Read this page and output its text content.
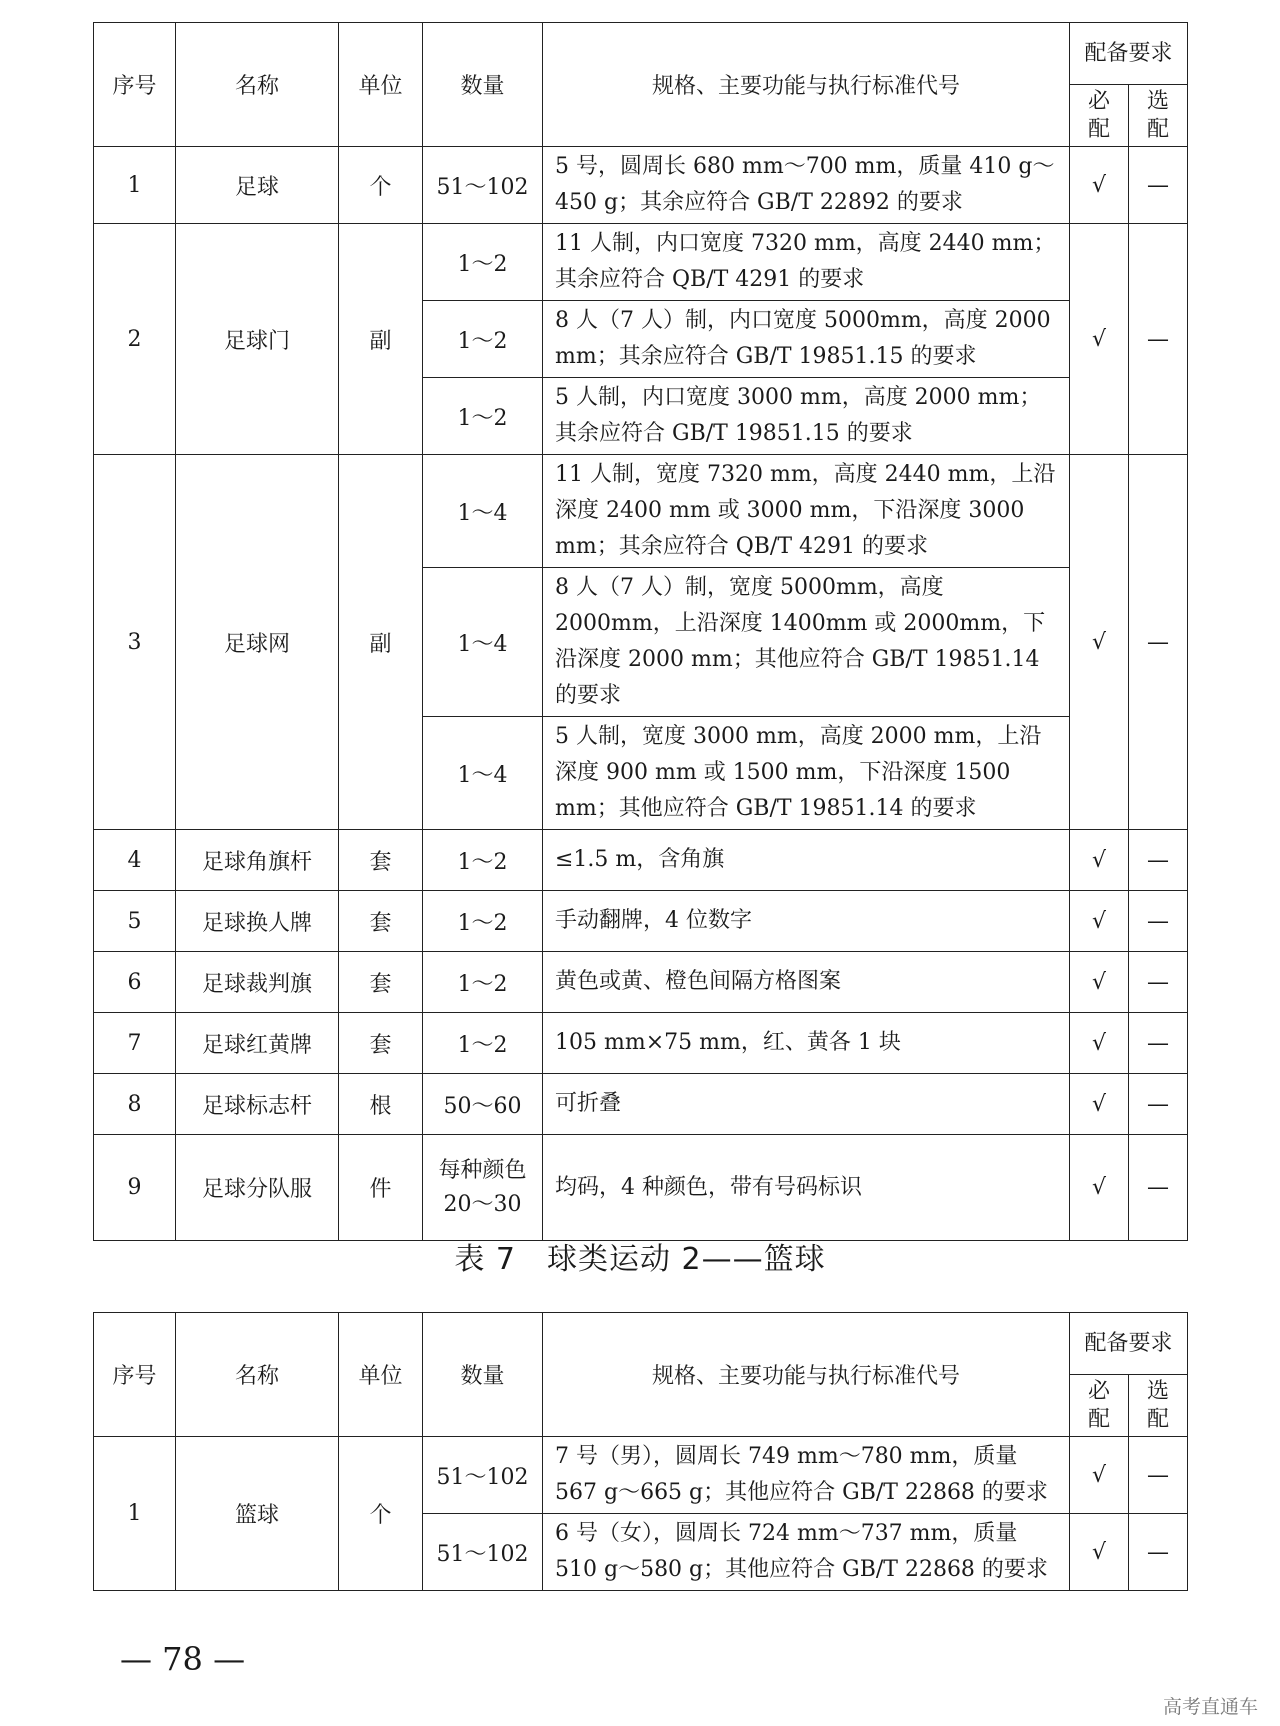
序号	名称	单位	数量	规格、主要功能与执行标准代号	配备要求	
					必配	选配
1	足球	个	51～102	5 号，圆周长 680 mm～700 mm，质量 410 g～450 g；其余应符合 GB/T 22892 的要求	√	—
2	足球门	副	1～2	11 人制，内口宽度 7320 mm，高度 2440 mm；其余应符合 QB/T 4291 的要求	√	—
			1～2	8 人（7 人）制，内口宽度 5000mm，高度 2000 mm；其余应符合 GB/T 19851.15 的要求		
			1～2	5 人制，内口宽度 3000 mm，高度 2000 mm；其余应符合 GB/T 19851.15 的要求		
3	足球网	副	1～4	11 人制，宽度 7320 mm，高度 2440 mm，上沿深度 2400 mm 或 3000 mm，下沿深度 3000 mm；其余应符合 QB/T 4291 的要求	√	—
			1～4	8 人（7 人）制，宽度 5000mm，高度 2000mm，上沿深度 1400mm 或 2000mm，下沿深度 2000 mm；其他应符合 GB/T 19851.14 的要求		
			1～4	5 人制，宽度 3000 mm，高度 2000 mm，上沿深度 900 mm 或 1500 mm，下沿深度 1500 mm；其他应符合 GB/T 19851.14 的要求		
4	足球角旗杆	套	1～2	≤1.5 m，含角旗	√	—
5	足球换人牌	套	1～2	手动翻牌，4 位数字	√	—
6	足球裁判旗	套	1～2	黄色或黄、橙色间隔方格图案	√	—
7	足球红黄牌	套	1～2	105 mm×75 mm，红、黄各 1 块	√	—
8	足球标志杆	根	50～60	可折叠	√	—
9	足球分队服	件	每种颜色 20～30	均码，4 种颜色，带有号码标识	√	—
表 7　球类运动 2——篮球
序号	名称	单位	数量	规格、主要功能与执行标准代号	配备要求	
					必配	选配
1	篮球	个	51～102	7 号（男），圆周长 749 mm～780 mm，质量 567 g～665 g；其他应符合 GB/T 22868 的要求	√	—
			51～102	6 号（女），圆周长 724 mm～737 mm，质量 510 g～580 g；其他应符合 GB/T 22868 的要求	√	—
— 78 —
高考直通车
